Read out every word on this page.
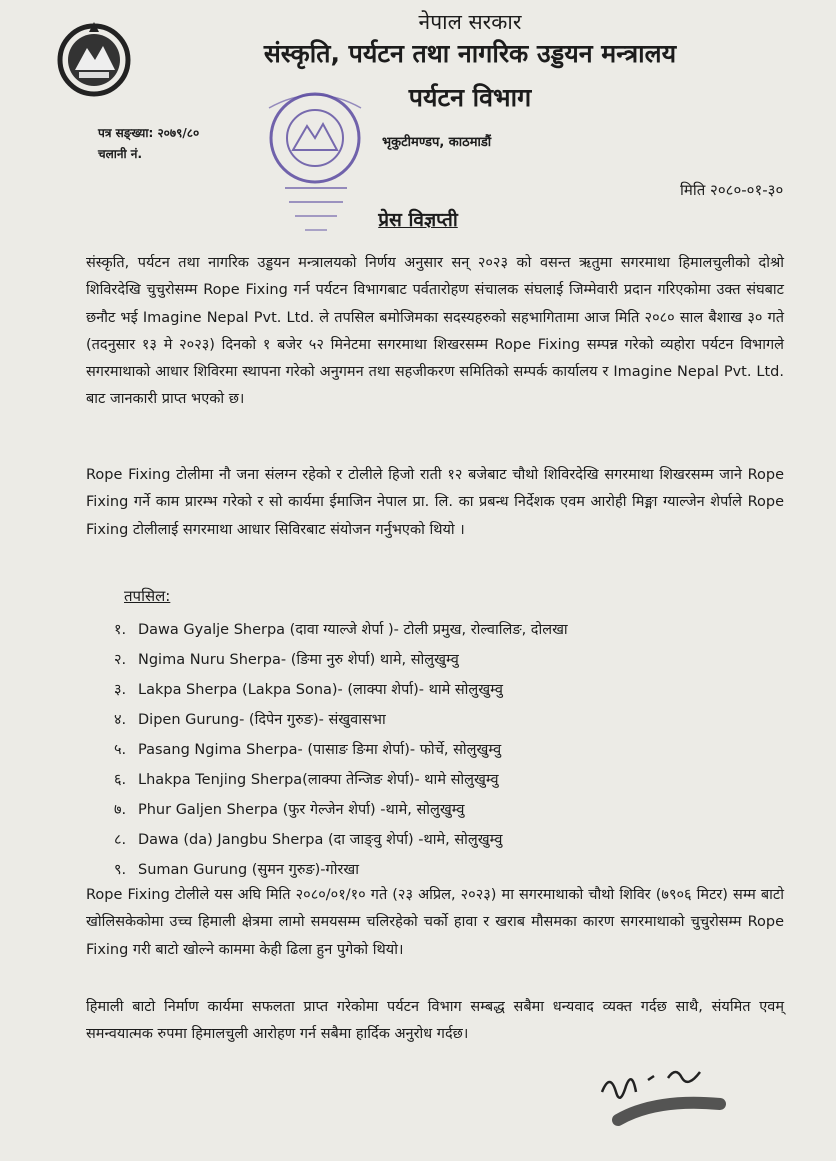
नेपाल सरकार
संस्कृति, पर्यटन तथा नागरिक उड्डयन मन्त्रालय
पर्यटन विभाग
पत्र सङ्ख्या: २०७९/८०
चलानी नं.
भृकुटीमण्डप, काठमाडौं
मिति २०८०-०१-३०
प्रेस विज्ञप्ती
संस्कृति, पर्यटन तथा नागरिक उड्डयन मन्त्रालयको निर्णय अनुसार सन् २०२३ को वसन्त ऋतुमा सगरमाथा हिमालचुलीको दोश्रो शिविरदेखि चुचुरोसम्म Rope Fixing गर्न पर्यटन विभागबाट पर्वतारोहण संचालक संघलाई जिम्मेवारी प्रदान गरिएकोमा उक्त संघबाट छनौट भई Imagine Nepal Pvt. Ltd. ले तपसिल बमोजिमका सदस्यहरुको सहभागितामा आज मिति २०८० साल बैशाख ३० गते (तदनुसार १३ मे २०२३) दिनको १ बजेर ५२ मिनेटमा सगरमाथा शिखरसम्म Rope Fixing सम्पन्न गरेको व्यहोरा पर्यटन विभागले सगरमाथाको आधार शिविरमा स्थापना गरेको अनुगमन तथा सहजीकरण समितिको सम्पर्क कार्यालय र Imagine Nepal Pvt. Ltd. बाट जानकारी प्राप्त भएको छ।
Rope Fixing टोलीमा नौ जना संलग्न रहेको र टोलीले हिजो राती १२ बजेबाट चौथो शिविरदेखि सगरमाथा शिखरसम्म जाने Rope Fixing गर्ने काम प्रारम्भ गरेको र सो कार्यमा ईमाजिन नेपाल प्रा. लि. का प्रबन्ध निर्देशक एवम आरोही मिङ्मा ग्याल्जेन शेर्पाले Rope Fixing टोलीलाई सगरमाथा आधार सिविरबाट संयोजन गर्नुभएको थियो ।
तपसिल:
१. Dawa Gyalje Sherpa (दावा ग्याल्जे शेर्पा )- टोली प्रमुख, रोल्वालिङ, दोलखा
२. Ngima Nuru Sherpa- (ङिमा नुरु शेर्पा) थामे, सोलुखुम्वु
३. Lakpa Sherpa (Lakpa Sona)- (लाक्पा शेर्पा)- थामे सोलुखुम्वु
४. Dipen Gurung- (दिपेन गुरुङ)- संखुवासभा
५. Pasang Ngima Sherpa- (पासाङ ङिमा शेर्पा)- फोर्चे, सोलुखुम्वु
६. Lhakpa Tenjing Sherpa(लाक्पा तेन्जिङ शेर्पा)- थामे सोलुखुम्वु
७. Phur Galjen Sherpa (फुर गेल्जेन शेर्पा) -थामे, सोलुखुम्वु
८. Dawa (da) Jangbu Sherpa (दा जाङ्वु शेर्पा) -थामे, सोलुखुम्वु
९. Suman Gurung (सुमन गुरुङ)-गोरखा
Rope Fixing टोलीले यस अघि मिति २०८०/०१/१० गते (२३ अप्रिल, २०२३) मा सगरमाथाको चौथो शिविर (७९०६ मिटर) सम्म बाटो खोलिसकेकोमा उच्च हिमाली क्षेत्रमा लामो समयसम्म चलिरहेको चर्को हावा र खराब मौसमका कारण सगरमाथाको चुचुरोसम्म Rope Fixing गरी बाटो खोल्ने काममा केही ढिला हुन पुगेको थियो।
हिमाली बाटो निर्माण कार्यमा सफलता प्राप्त गरेकोमा पर्यटन विभाग सम्बद्ध सबैमा धन्यवाद व्यक्त गर्दछ साथै, संयमित एवम् समन्वयात्मक रुपमा हिमालचुली आरोहण गर्न सबैमा हार्दिक अनुरोध गर्दछ।
